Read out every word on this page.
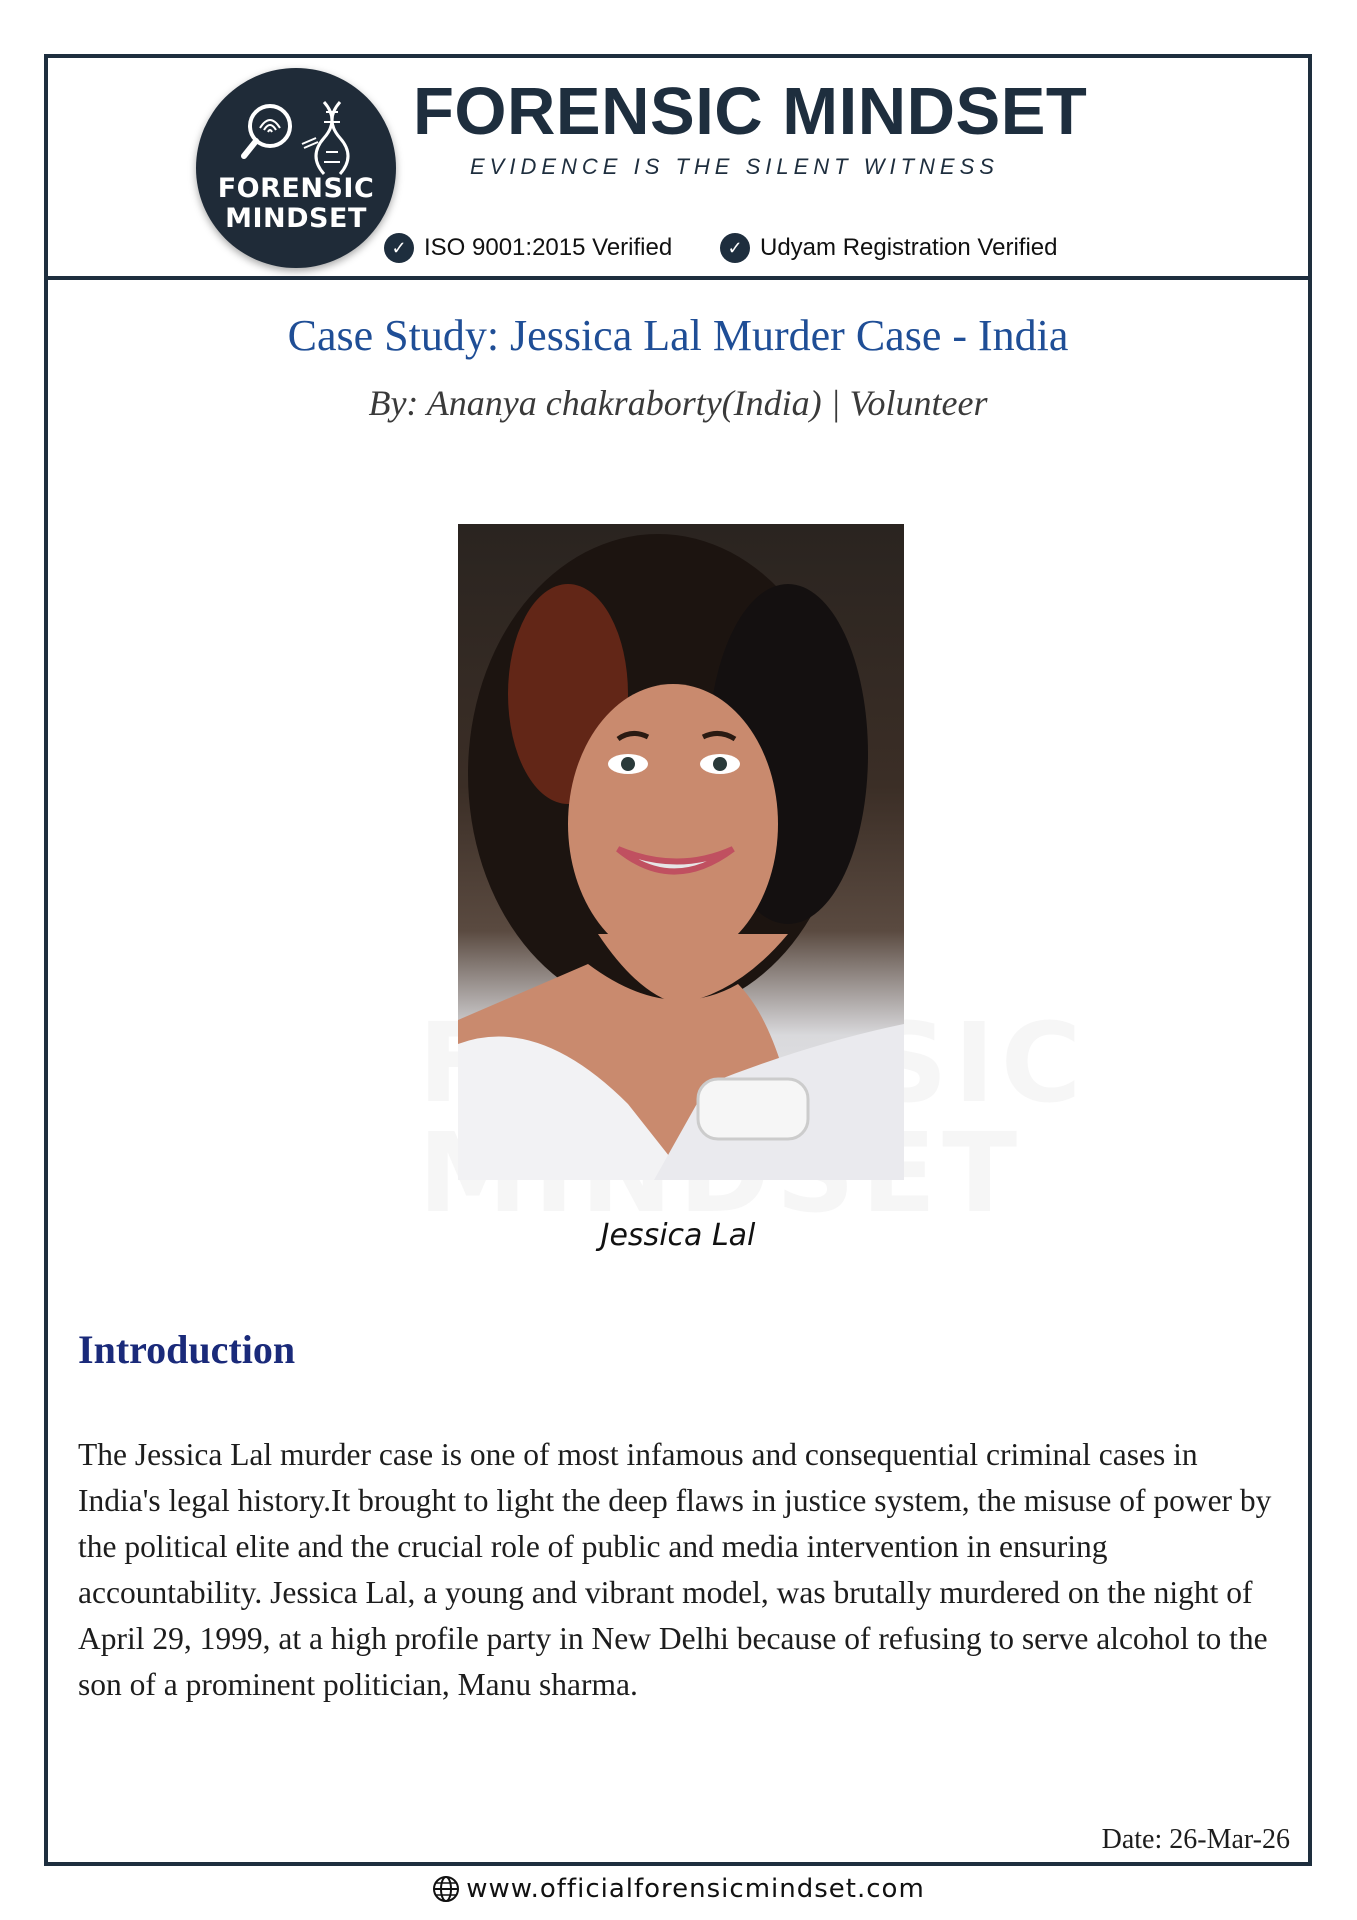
FORENSIC
MINDSET
FORENSIC MINDSET
EVIDENCE IS THE SILENT WITNESS
✓ ISO 9001:2015 Verified	✓ Udyam Registration Verified
Case Study: Jessica Lal Murder Case - India
By: Ananya chakraborty(India) | Volunteer
Jessica Lal
Introduction

The Jessica Lal murder case is one of most infamous and consequential criminal cases in India's legal history.It brought to light the deep flaws in justice system, the misuse of power by the political elite and the crucial role of public and media intervention in ensuring accountability. Jessica Lal, a young and vibrant model, was brutally murdered on the night of April 29, 1999, at a high profile party in New Delhi because of refusing to serve alcohol to the son of a prominent politician, Manu sharma.

Date: 26-Mar-26
www.officialforensicmindset.com
